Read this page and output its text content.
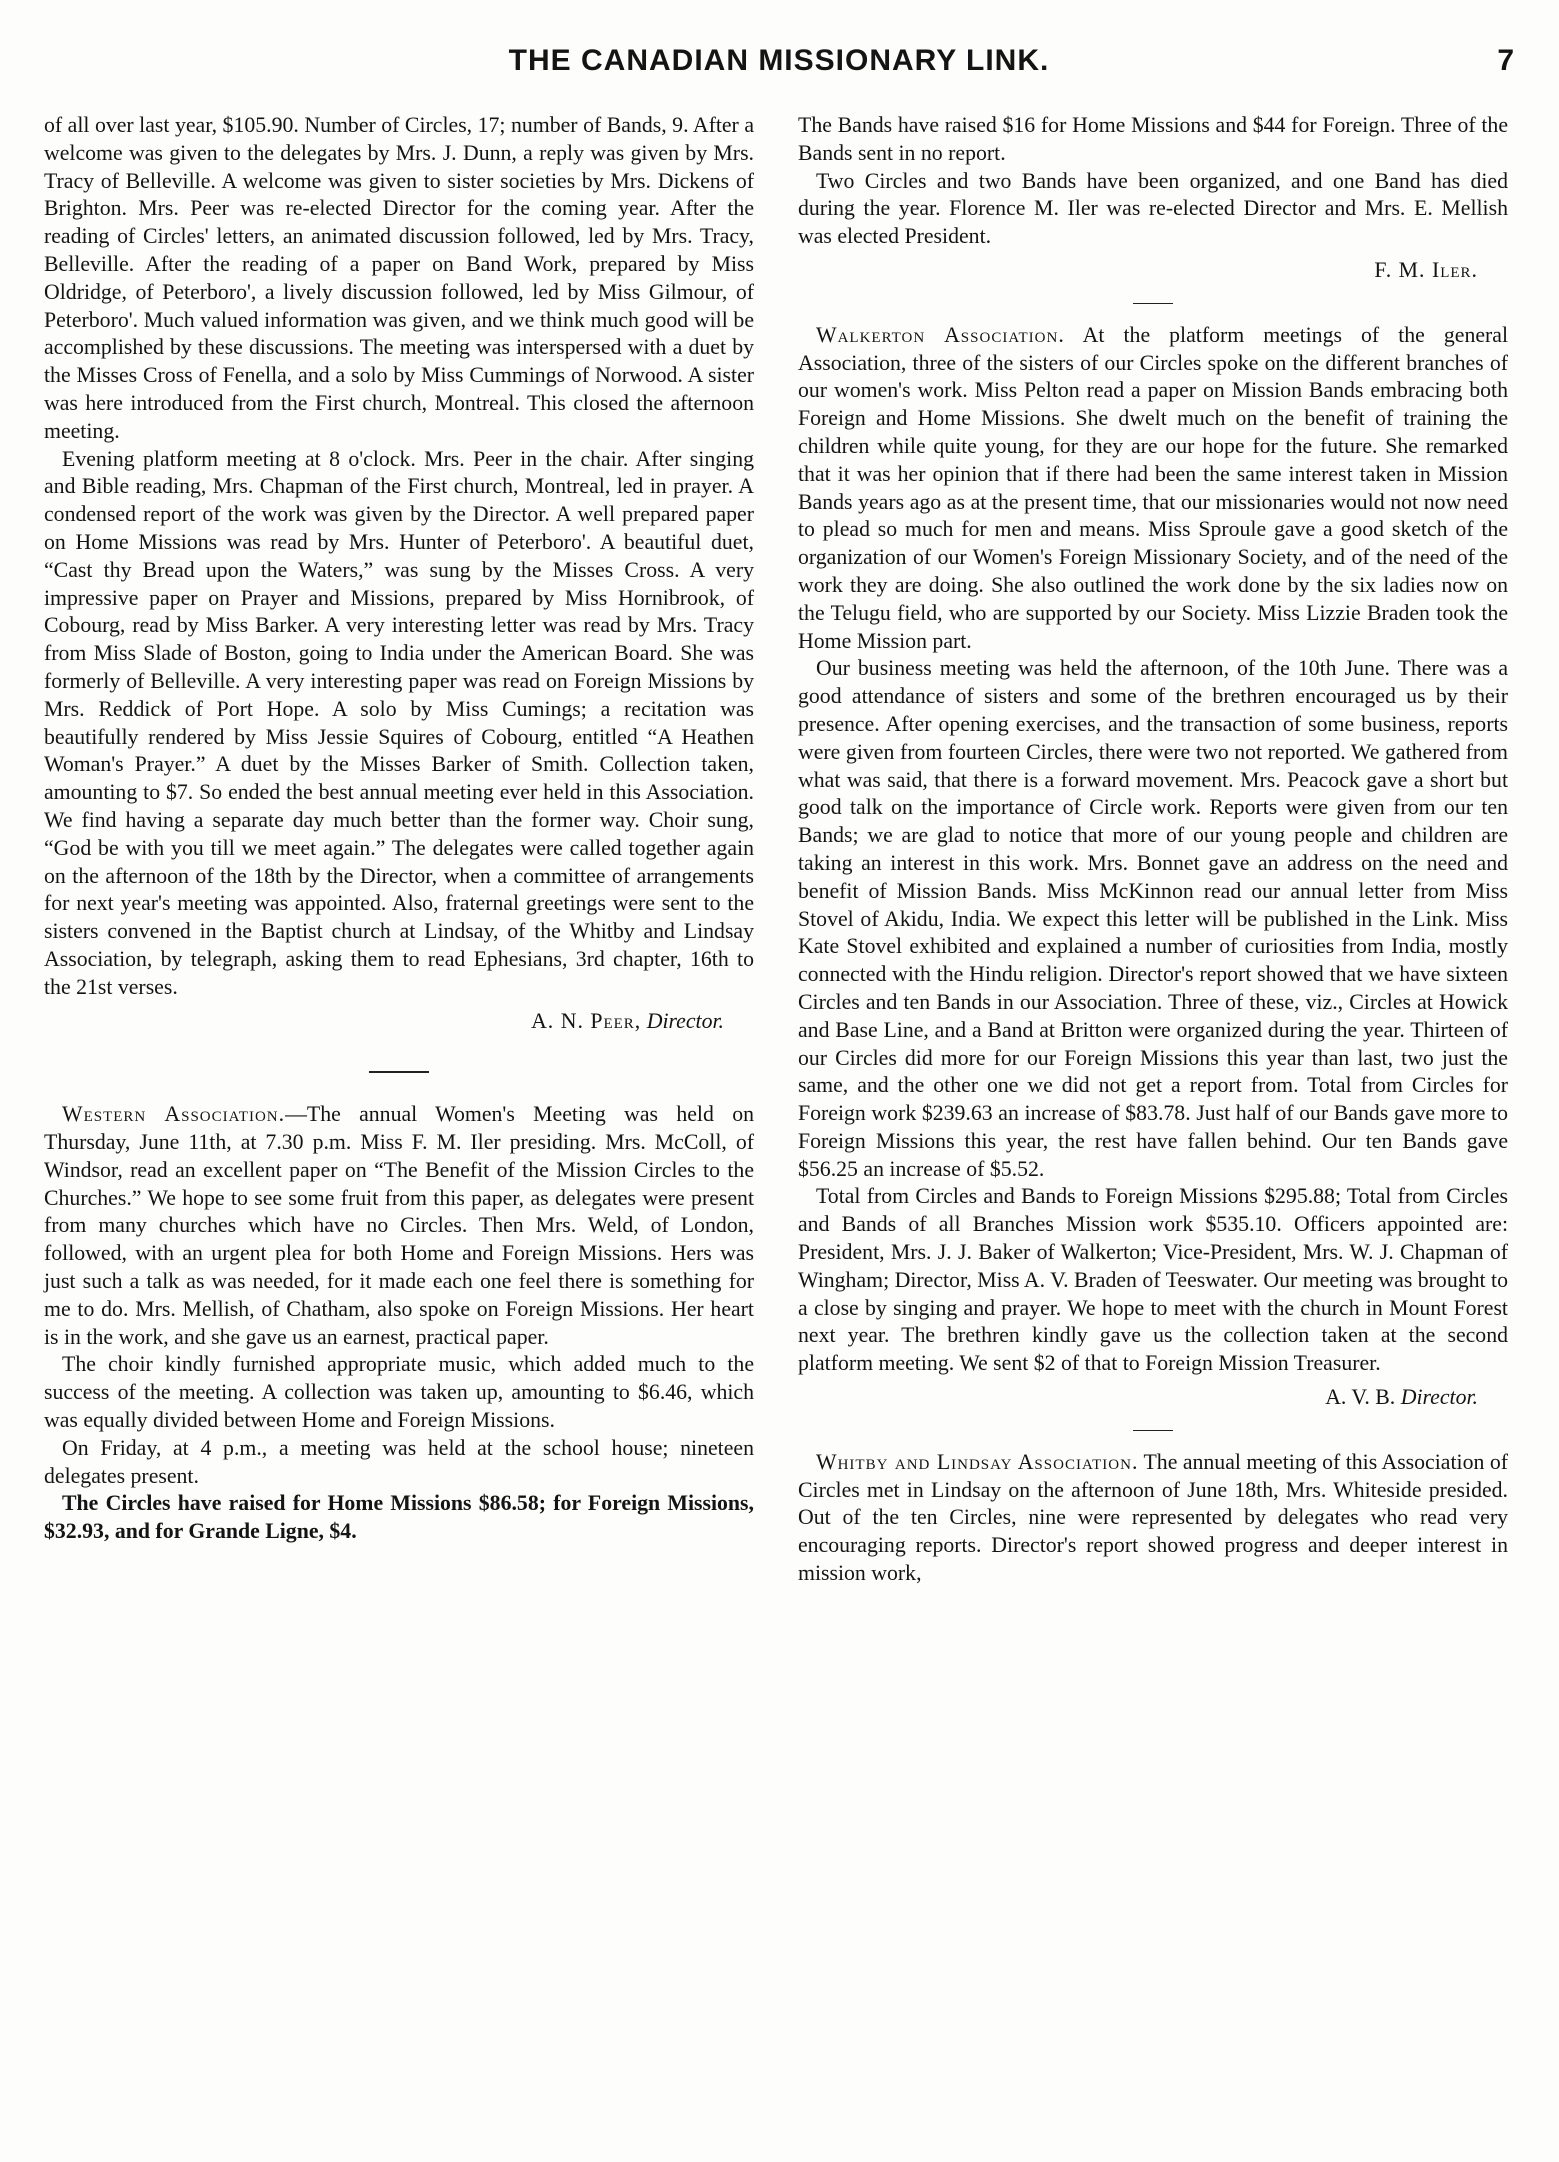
THE CANADIAN MISSIONARY LINK.	7

of all over last year, $105.90. Number of Circles, 17; number of Bands, 9. After a welcome was given to the delegates by Mrs. J. Dunn, a reply was given by Mrs. Tracy of Belleville. A welcome was given to sister societies by Mrs. Dickens of Brighton. Mrs. Peer was re-elected Director for the coming year. After the reading of Circles' letters, an animated discussion followed, led by Mrs. Tracy, Belleville. After the reading of a paper on Band Work, prepared by Miss Oldridge, of Peterboro', a lively discussion followed, led by Miss Gilmour, of Peterboro'. Much valued information was given, and we think much good will be accomplished by these discussions. The meeting was interspersed with a duet by the Misses Cross of Fenella, and a solo by Miss Cummings of Norwood. A sister was here introduced from the First church, Montreal. This closed the afternoon meeting.

Evening platform meeting at 8 o'clock. Mrs. Peer in the chair. After singing and Bible reading, Mrs. Chapman of the First church, Montreal, led in prayer. A condensed report of the work was given by the Director. A well prepared paper on Home Missions was read by Mrs. Hunter of Peterboro'. A beautiful duet, “Cast thy Bread upon the Waters,” was sung by the Misses Cross. A very impressive paper on Prayer and Missions, prepared by Miss Hornibrook, of Cobourg, read by Miss Barker. A very interesting letter was read by Mrs. Tracy from Miss Slade of Boston, going to India under the American Board. She was formerly of Belleville. A very interesting paper was read on Foreign Missions by Mrs. Reddick of Port Hope. A solo by Miss Cumings; a recitation was beautifully rendered by Miss Jessie Squires of Cobourg, entitled “A Heathen Woman's Prayer.” A duet by the Misses Barker of Smith. Collection taken, amounting to $7. So ended the best annual meeting ever held in this Association. We find having a separate day much better than the former way. Choir sung, “God be with you till we meet again.” The delegates were called together again on the afternoon of the 18th by the Director, when a committee of arrangements for next year's meeting was appointed. Also, fraternal greetings were sent to the sisters convened in the Baptist church at Lindsay, of the Whitby and Lindsay Association, by telegraph, asking them to read Ephesians, 3rd chapter, 16th to the 21st verses.

A. N. Peer, Director.

Western Association.—The annual Women's Meeting was held on Thursday, June 11th, at 7.30 p.m. Miss F. M. Iler presiding. Mrs. McColl, of Windsor, read an excellent paper on “The Benefit of the Mission Circles to the Churches.” We hope to see some fruit from this paper, as delegates were present from many churches which have no Circles. Then Mrs. Weld, of London, followed, with an urgent plea for both Home and Foreign Missions. Hers was just such a talk as was needed, for it made each one feel there is something for me to do. Mrs. Mellish, of Chatham, also spoke on Foreign Missions. Her heart is in the work, and she gave us an earnest, practical paper.

The choir kindly furnished appropriate music, which added much to the success of the meeting. A collection was taken up, amounting to $6.46, which was equally divided between Home and Foreign Missions.

On Friday, at 4 p.m., a meeting was held at the school house; nineteen delegates present.

The Circles have raised for Home Missions $86.58; for Foreign Missions, $32.93, and for Grande Ligne, $4.

The Bands have raised $16 for Home Missions and $44 for Foreign. Three of the Bands sent in no report.

Two Circles and two Bands have been organized, and one Band has died during the year. Florence M. Iler was re-elected Director and Mrs. E. Mellish was elected President.

F. M. Iler.

Walkerton Association. At the platform meetings of the general Association, three of the sisters of our Circles spoke on the different branches of our women's work. Miss Pelton read a paper on Mission Bands embracing both Foreign and Home Missions. She dwelt much on the benefit of training the children while quite young, for they are our hope for the future. She remarked that it was her opinion that if there had been the same interest taken in Mission Bands years ago as at the present time, that our missionaries would not now need to plead so much for men and means. Miss Sproule gave a good sketch of the organization of our Women's Foreign Missionary Society, and of the need of the work they are doing. She also outlined the work done by the six ladies now on the Telugu field, who are supported by our Society. Miss Lizzie Braden took the Home Mission part.

Our business meeting was held the afternoon, of the 10th June. There was a good attendance of sisters and some of the brethren encouraged us by their presence. After opening exercises, and the transaction of some business, reports were given from fourteen Circles, there were two not reported. We gathered from what was said, that there is a forward movement. Mrs. Peacock gave a short but good talk on the importance of Circle work. Reports were given from our ten Bands; we are glad to notice that more of our young people and children are taking an interest in this work. Mrs. Bonnet gave an address on the need and benefit of Mission Bands. Miss McKinnon read our annual letter from Miss Stovel of Akidu, India. We expect this letter will be published in the Link. Miss Kate Stovel exhibited and explained a number of curiosities from India, mostly connected with the Hindu religion. Director's report showed that we have sixteen Circles and ten Bands in our Association. Three of these, viz., Circles at Howick and Base Line, and a Band at Britton were organized during the year. Thirteen of our Circles did more for our Foreign Missions this year than last, two just the same, and the other one we did not get a report from. Total from Circles for Foreign work $239.63 an increase of $83.78. Just half of our Bands gave more to Foreign Missions this year, the rest have fallen behind. Our ten Bands gave $56.25 an increase of $5.52.

Total from Circles and Bands to Foreign Missions $295.88; Total from Circles and Bands of all Branches Mission work $535.10. Officers appointed are: President, Mrs. J. J. Baker of Walkerton; Vice-President, Mrs. W. J. Chapman of Wingham; Director, Miss A. V. Braden of Teeswater. Our meeting was brought to a close by singing and prayer. We hope to meet with the church in Mount Forest next year. The brethren kindly gave us the collection taken at the second platform meeting. We sent $2 of that to Foreign Mission Treasurer.

A. V. B. Director.

Whitby and Lindsay Association. The annual meeting of this Association of Circles met in Lindsay on the afternoon of June 18th, Mrs. Whiteside presided. Out of the ten Circles, nine were represented by delegates who read very encouraging reports. Director's report showed progress and deeper interest in mission work,
